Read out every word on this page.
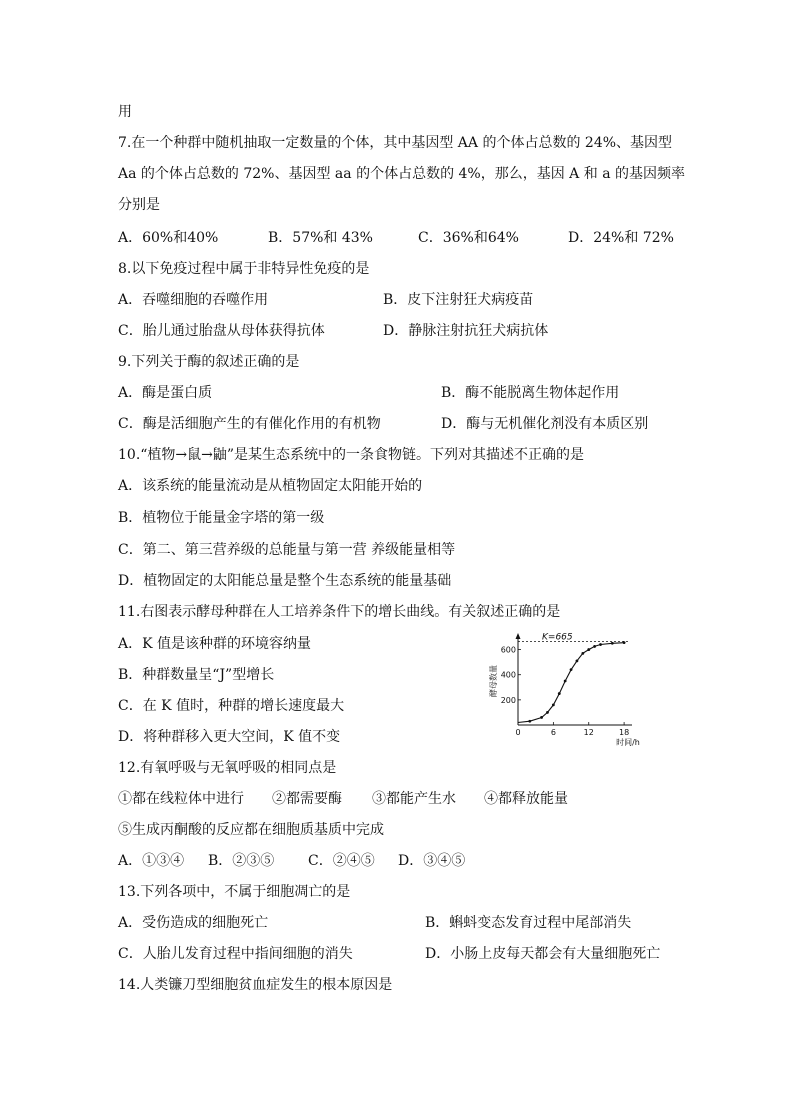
用
7.在一个种群中随机抽取一定数量的个体，其中基因型 AA 的个体占总数的 24%、基因型
Aa 的个体占总数的 72%、基因型 aa 的个体占总数的 4%，那么，基因 A 和 a 的基因频率
分别是
A．60%和40%	B．57%和 43%	C．36%和64%	D．24%和 72%
8.以下免疫过程中属于非特异性免疫的是
A．吞噬细胞的吞噬作用	B．皮下注射狂犬病疫苗
C．胎儿通过胎盘从母体获得抗体	D．静脉注射抗狂犬病抗体
9.下列关于酶的叙述正确的是
A．酶是蛋白质	B．酶不能脱离生物体起作用
C．酶是活细胞产生的有催化作用的有机物	D．酶与无机催化剂没有本质区别
10.“植物→鼠→鼬”是某生态系统中的一条食物链。下列对其描述不正确的是
A．该系统的能量流动是从植物固定太阳能开始的
B．植物位于能量金字塔的第一级
C．第二、第三营养级的总能量与第一营 养级能量相等
D．植物固定的太阳能总量是整个生态系统的能量基础
11.右图表示酵母种群在人工培养条件下的增长曲线。有关叙述正确的是
A．K 值是该种群的环境容纳量
B．种群数量呈“J”型增长
C．在 K 值时，种群的增长速度最大
D．将种群移入更大空间，K 值不变
K=665
200
400
600
0	6	12	18
时间/h
酵母数量
12.有氧呼吸与无氧呼吸的相同点是
①都在线粒体中进行 ②都需要酶 ③都能产生水 ④都释放能量
⑤生成丙酮酸的反应都在细胞质基质中完成
A．①③④ B．②③⑤ C．②④⑤ D．③④⑤
13.下列各项中，不属于细胞凋亡的是
A．受伤造成的细胞死亡	B．蝌蚪变态发育过程中尾部消失
C．人胎儿发育过程中指间细胞的消失	D．小肠上皮每天都会有大量细胞死亡
14.人类镰刀型细胞贫血症发生的根本原因是
